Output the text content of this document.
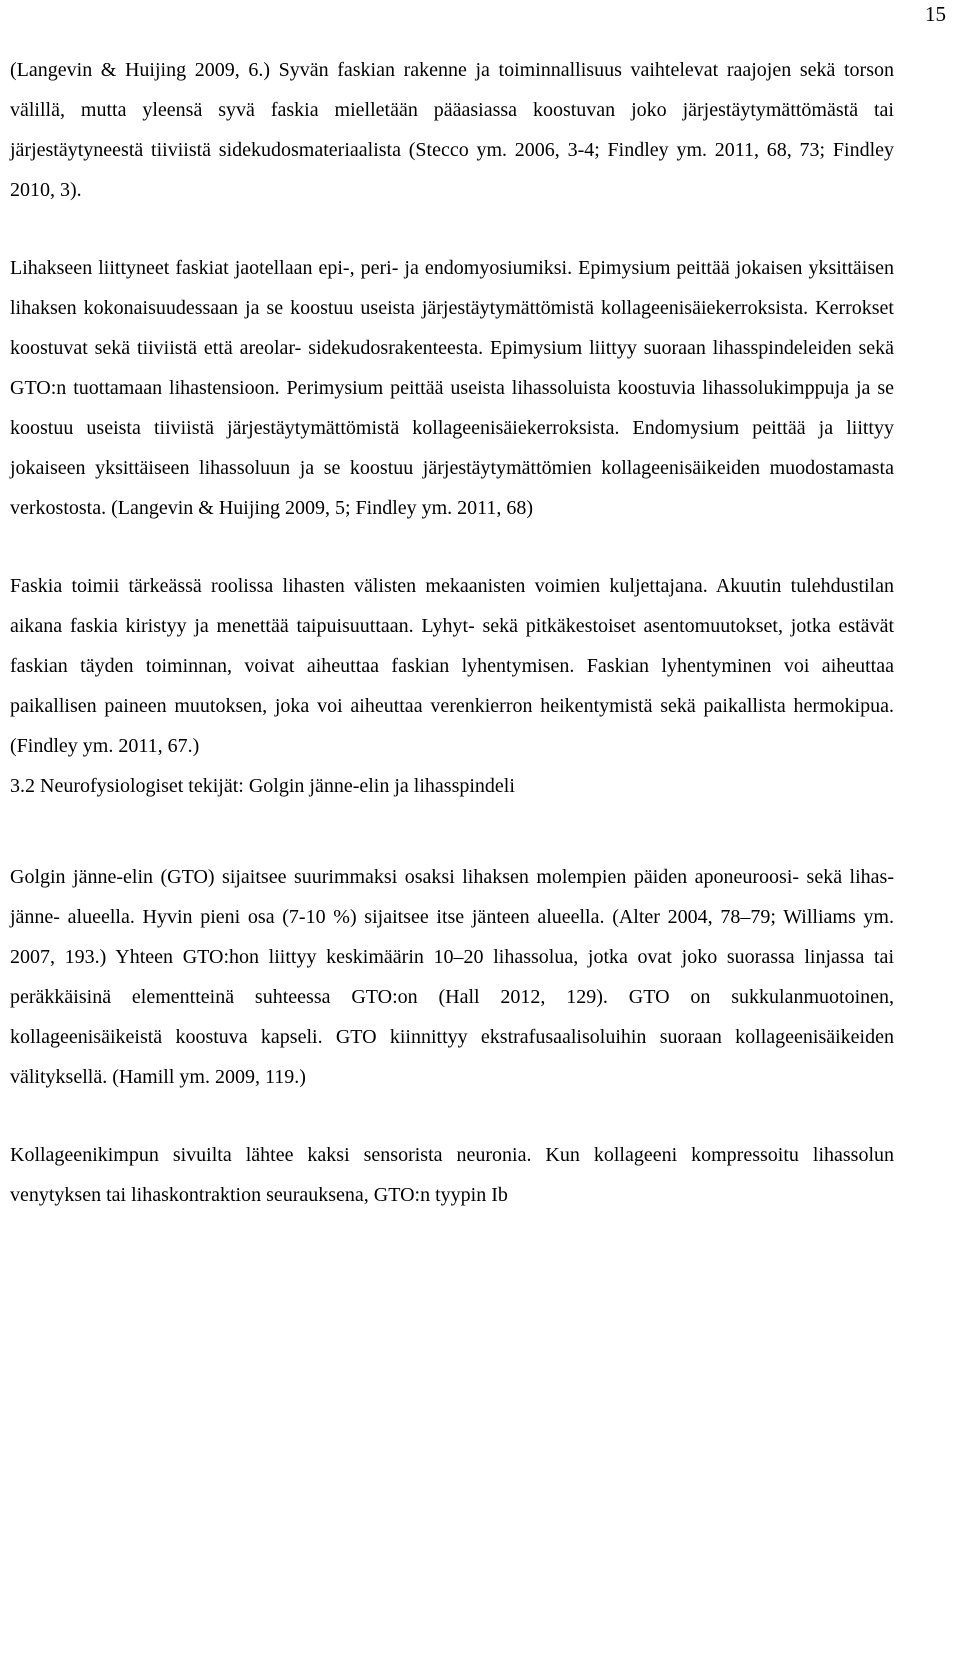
15

(Langevin & Huijing 2009, 6.) Syvän faskian rakenne ja toiminnallisuus vaihtelevat raajojen sekä torson välillä, mutta yleensä syvä faskia mielletään pääasiassa koostuvan joko järjestäytymättömästä tai järjestäytyneestä tiiviistä sidekudosmateriaalista (Stecco ym. 2006, 3-4; Findley ym. 2011, 68, 73; Findley 2010, 3).

Lihakseen liittyneet faskiat jaotellaan epi-, peri- ja endomyosiumiksi. Epimysium peittää jokaisen yksittäisen lihaksen kokonaisuudessaan ja se koostuu useista järjestäytymättömistä kollageenisäiekerroksista. Kerrokset koostuvat sekä tiiviistä että areolar- sidekudosrakenteesta. Epimysium liittyy suoraan lihasspindeleiden sekä GTO:n tuottamaan lihastensioon. Perimysium peittää useista lihassoluista koostuvia lihassolukimppuja ja se koostuu useista tiiviistä järjestäytymättömistä kollageenisäiekerroksista. Endomysium peittää ja liittyy jokaiseen yksittäiseen lihassoluun ja se koostuu järjestäytymättömien kollageenisäikeiden muodostamasta verkostosta. (Langevin & Huijing 2009, 5; Findley ym. 2011, 68)

Faskia toimii tärkeässä roolissa lihasten välisten mekaanisten voimien kuljettajana. Akuutin tulehdustilan aikana faskia kiristyy ja menettää taipuisuuttaan. Lyhyt- sekä pitkäkestoiset asentomuutokset, jotka estävät faskian täyden toiminnan, voivat aiheuttaa faskian lyhentymisen. Faskian lyhentyminen voi aiheuttaa paikallisen paineen muutoksen, joka voi aiheuttaa verenkierron heikentymistä sekä paikallista hermokipua. (Findley ym. 2011, 67.)

3.2 Neurofysiologiset tekijät: Golgin jänne-elin ja lihasspindeli

Golgin jänne-elin (GTO) sijaitsee suurimmaksi osaksi lihaksen molempien päiden aponeuroosi- sekä lihas-jänne- alueella. Hyvin pieni osa (7-10 %) sijaitsee itse jänteen alueella. (Alter 2004, 78–79; Williams ym. 2007, 193.) Yhteen GTO:hon liittyy keskimäärin 10–20 lihassolua, jotka ovat joko suorassa linjassa tai peräkkäisinä elementteinä suhteessa GTO:on (Hall 2012, 129). GTO on sukkulanmuotoinen, kollageenisäikeistä koostuva kapseli. GTO kiinnittyy ekstrafusaalisoluihin suoraan kollageenisäikeiden välityksellä. (Hamill ym. 2009, 119.)

Kollageenikimpun sivuilta lähtee kaksi sensorista neuronia. Kun kollageeni kompressoitu lihassolun venytyksen tai lihaskontraktion seurauksena, GTO:n tyypin Ib
